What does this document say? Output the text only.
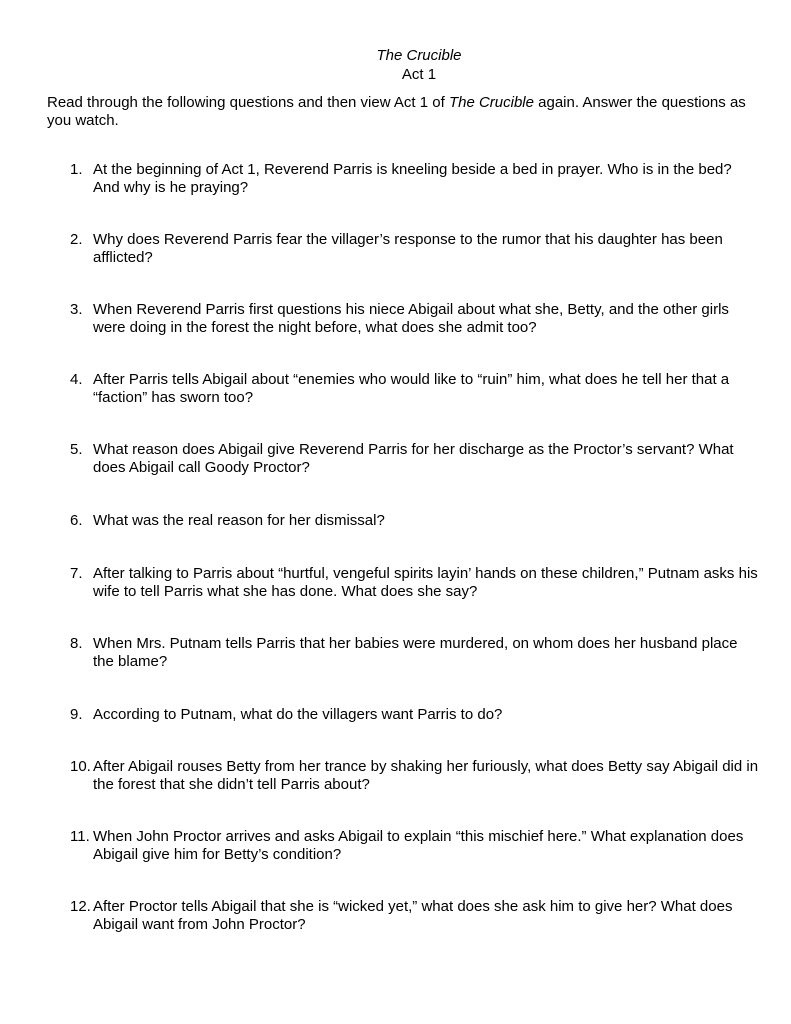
The Crucible
Act 1
Read through the following questions and then view Act 1 of The Crucible again. Answer the questions as you watch.
1. At the beginning of Act 1, Reverend Parris is kneeling beside a bed in prayer. Who is in the bed? And why is he praying?
2. Why does Reverend Parris fear the villager’s response to the rumor that his daughter has been afflicted?
3. When Reverend Parris first questions his niece Abigail about what she, Betty, and the other girls were doing in the forest the night before, what does she admit too?
4. After Parris tells Abigail about “enemies who would like to “ruin” him, what does he tell her that a “faction” has sworn too?
5. What reason does Abigail give Reverend Parris for her discharge as the Proctor’s servant? What does Abigail call Goody Proctor?
6. What was the real reason for her dismissal?
7. After talking to Parris about “hurtful, vengeful spirits layin’ hands on these children,” Putnam asks his wife to tell Parris what she has done. What does she say?
8. When Mrs. Putnam tells Parris that her babies were murdered, on whom does her husband place the blame?
9. According to Putnam, what do the villagers want Parris to do?
10. After Abigail rouses Betty from her trance by shaking her furiously, what does Betty say Abigail did in the forest that she didn’t tell Parris about?
11. When John Proctor arrives and asks Abigail to explain “this mischief here.” What explanation does Abigail give him for Betty’s condition?
12. After Proctor tells Abigail that she is “wicked yet,” what does she ask him to give her? What does Abigail want from John Proctor?
